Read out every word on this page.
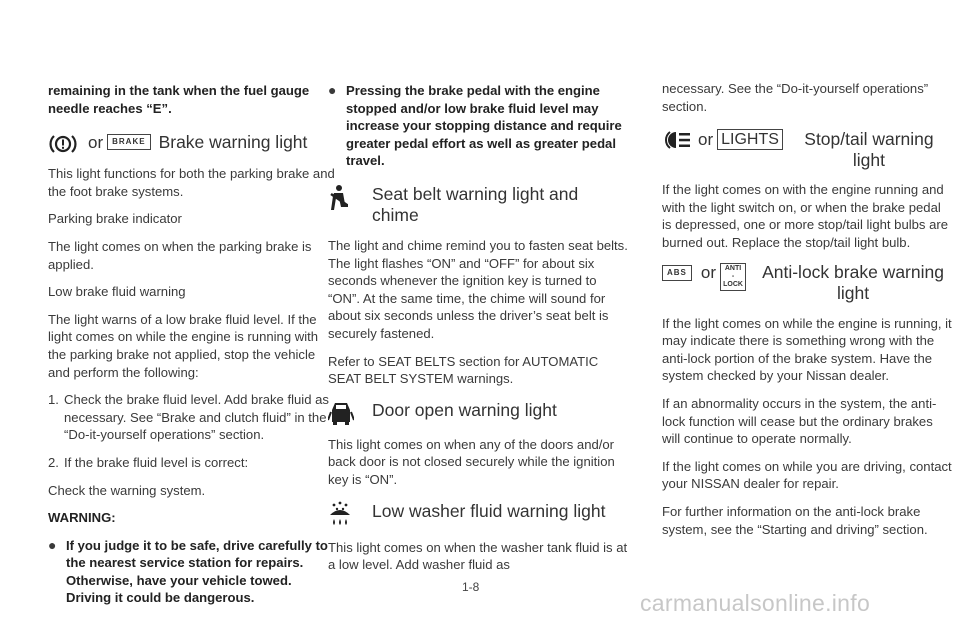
remaining in the tank when the fuel gauge needle reaches “E”.

or	BRAKE Brake warning light

This light functions for both the parking brake and the foot brake systems.

Parking brake indicator

The light comes on when the parking brake is applied.

Low brake fluid warning

The light warns of a low brake fluid level. If the light comes on while the engine is running with the parking brake not applied, stop the vehicle and perform the following:

1. Check the brake fluid level. Add brake fluid as necessary. See “Brake and clutch fluid” in the “Do-it-yourself operations” section.

2. If the brake fluid level is correct:

Check the warning system.

WARNING:

● If you judge it to be safe, drive carefully to the nearest service station for repairs. Otherwise, have your vehicle towed. Driving it could be dangerous.

● Pressing the brake pedal with the engine stopped and/or low brake fluid level may increase your stopping distance and require greater pedal effort as well as greater pedal travel.

Seat belt warning light and chime

The light and chime remind you to fasten seat belts. The light flashes “ON” and “OFF” for about six seconds whenever the ignition key is turned to “ON”. At the same time, the chime will sound for about six seconds unless the driver’s seat belt is securely fastened.

Refer to SEAT BELTS section for AUTOMATIC SEAT BELT SYSTEM warnings.

Door open warning light

This light comes on when any of the doors and/or back door is not closed securely while the ignition key is “ON”.

Low washer fluid warning light

This light comes on when the washer tank fluid is at a low level. Add washer fluid as

necessary. See the “Do-it-yourself operations” section.

or LIGHTS	Stop/tail warning light

If the light comes on with the engine running and with the light switch on, or when the brake pedal is depressed, one or more stop/tail light bulbs are burned out. Replace the stop/tail light bulb.

ABS or ANTI
-LOCK
Anti-lock brake warning light

If the light comes on while the engine is running, it may indicate there is something wrong with the anti-lock portion of the brake system. Have the system checked by your Nissan dealer.

If an abnormality occurs in the system, the anti-lock function will cease but the ordinary brakes will continue to operate normally.

If the light comes on while you are driving, contact your NISSAN dealer for repair.

For further information on the anti-lock brake system, see the “Starting and driving” section.

1-8
carmanualsonline.info
